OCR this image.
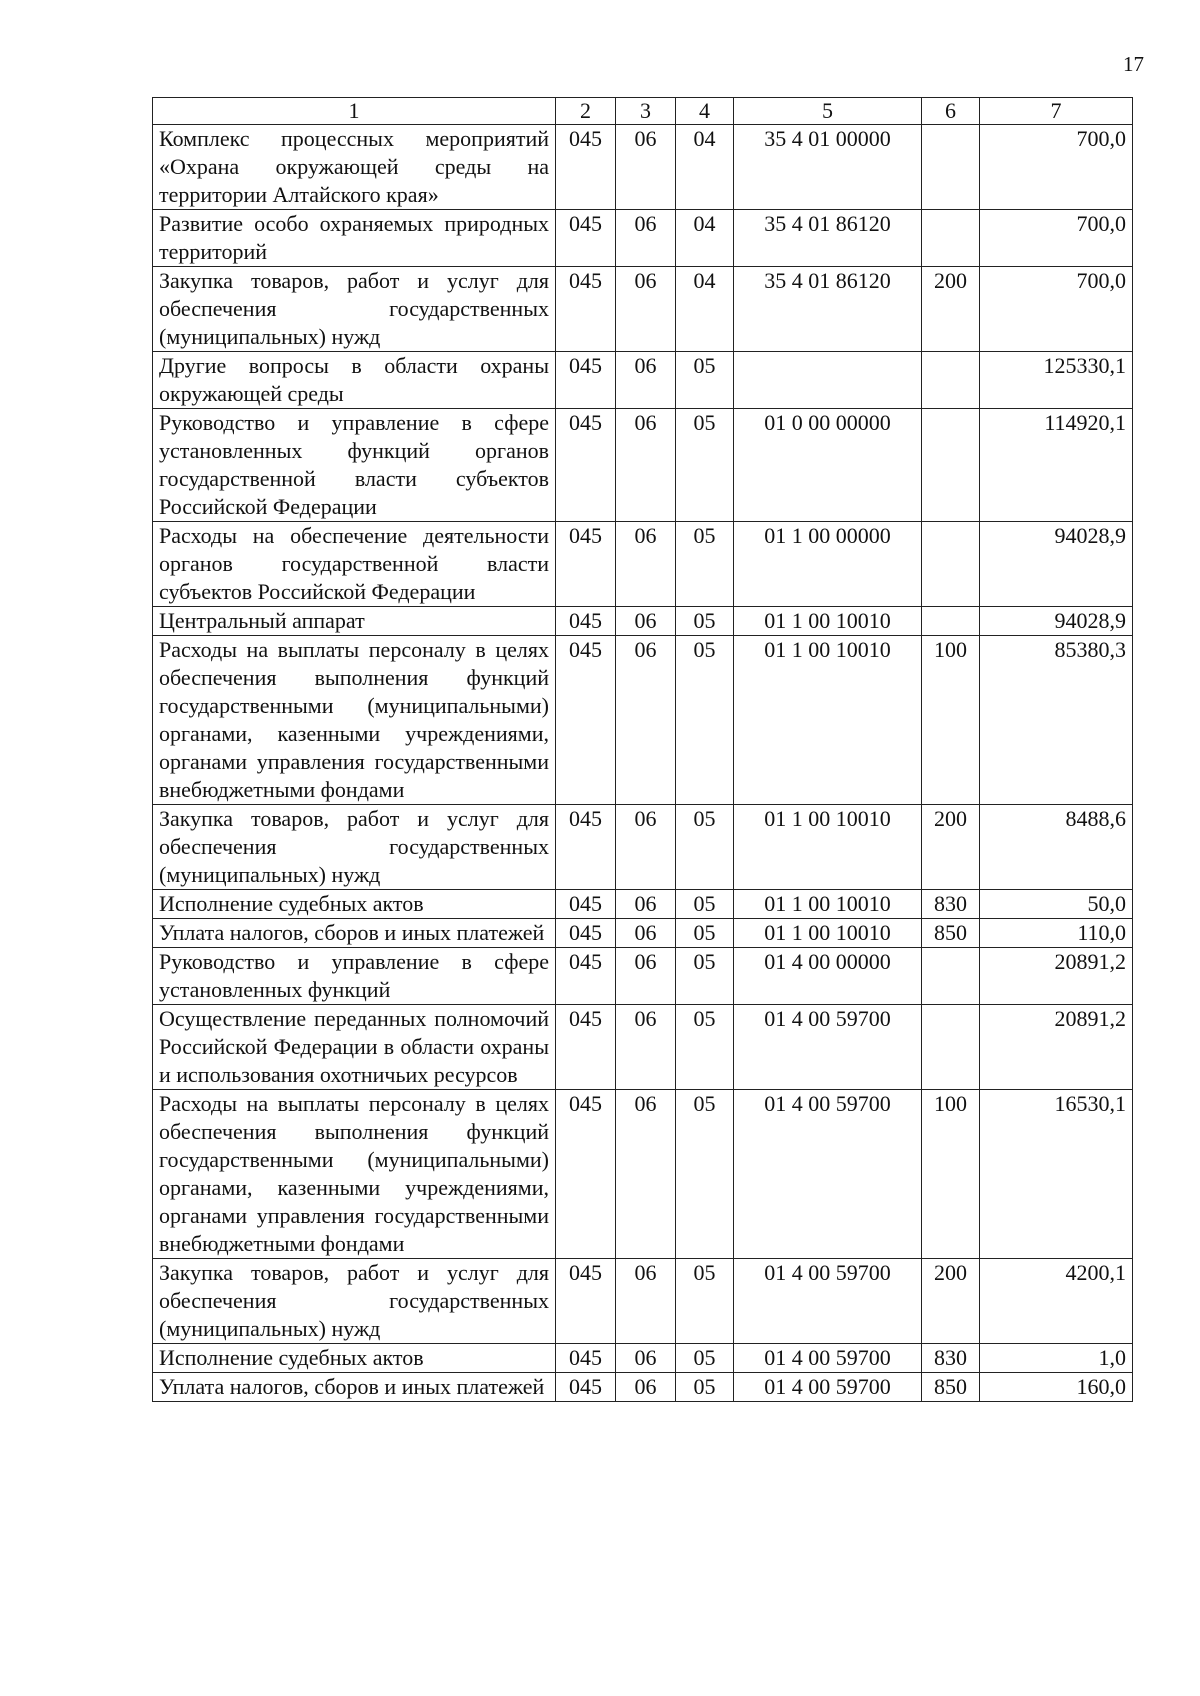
17
1	2	3	4	5	6	7
Комплекс процессных мероприятий «Охрана окружающей среды на территории Алтайского края»	045	06	04	35 4 01 00000		700,0
Развитие особо охраняемых природных территорий	045	06	04	35 4 01 86120		700,0
Закупка товаров, работ и услуг для обеспечения государственных (муниципальных) нужд	045	06	04	35 4 01 86120	200	700,0
Другие вопросы в области охраны окружающей среды	045	06	05			125330,1
Руководство и управление в сфере установленных функций органов государственной власти субъектов Российской Федерации	045	06	05	01 0 00 00000		114920,1
Расходы на обеспечение деятельности органов государственной власти субъектов Российской Федерации	045	06	05	01 1 00 00000		94028,9
Центральный аппарат	045	06	05	01 1 00 10010		94028,9
Расходы на выплаты персоналу в целях обеспечения выполнения функций государственными (муниципальными) органами, казенными учреждениями, органами управления государственными внебюджетными фондами	045	06	05	01 1 00 10010	100	85380,3
Закупка товаров, работ и услуг для обеспечения государственных (муниципальных) нужд	045	06	05	01 1 00 10010	200	8488,6
Исполнение судебных актов	045	06	05	01 1 00 10010	830	50,0
Уплата налогов, сборов и иных платежей	045	06	05	01 1 00 10010	850	110,0
Руководство и управление в сфере установленных функций	045	06	05	01 4 00 00000		20891,2
Осуществление переданных полномочий Российской Федерации в области охраны и использования охотничьих ресурсов	045	06	05	01 4 00 59700		20891,2
Расходы на выплаты персоналу в целях обеспечения выполнения функций государственными (муниципальными) органами, казенными учреждениями, органами управления государственными внебюджетными фондами	045	06	05	01 4 00 59700	100	16530,1
Закупка товаров, работ и услуг для обеспечения государственных (муниципальных) нужд	045	06	05	01 4 00 59700	200	4200,1
Исполнение судебных актов	045	06	05	01 4 00 59700	830	1,0
Уплата налогов, сборов и иных платежей	045	06	05	01 4 00 59700	850	160,0
